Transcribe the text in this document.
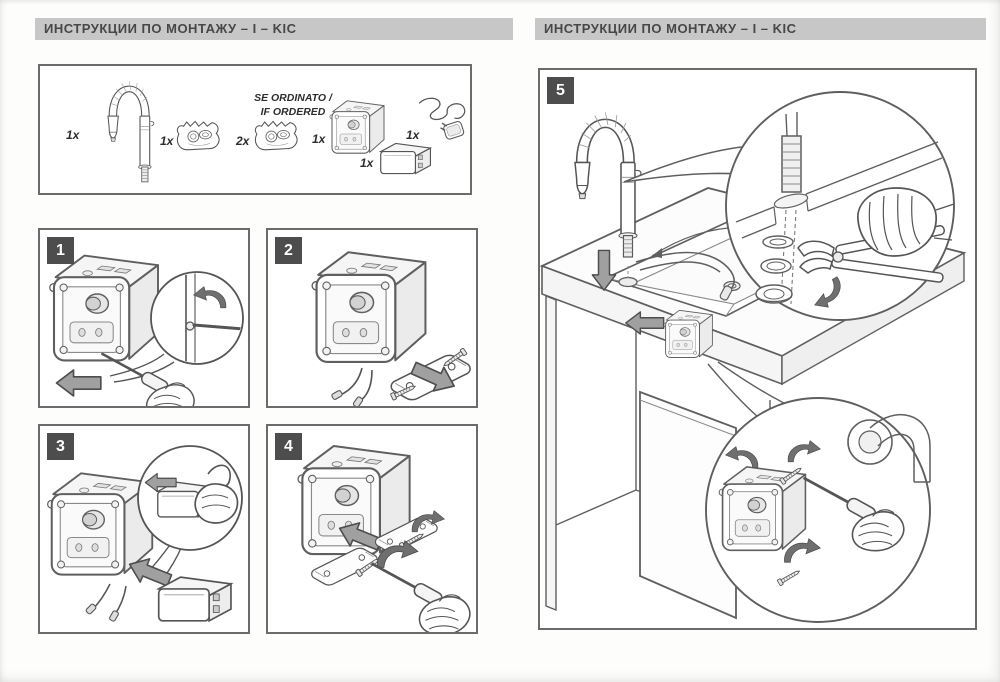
ИНСТРУКЦИИ ПО МОНТАЖУ – I – KIC	ИНСТРУКЦИИ ПО МОНТАЖУ – I – KIC
1x	1x	2x	1x
1x
1x
SE ORDINATO /
IF ORDERED
1	2
3	4
5
